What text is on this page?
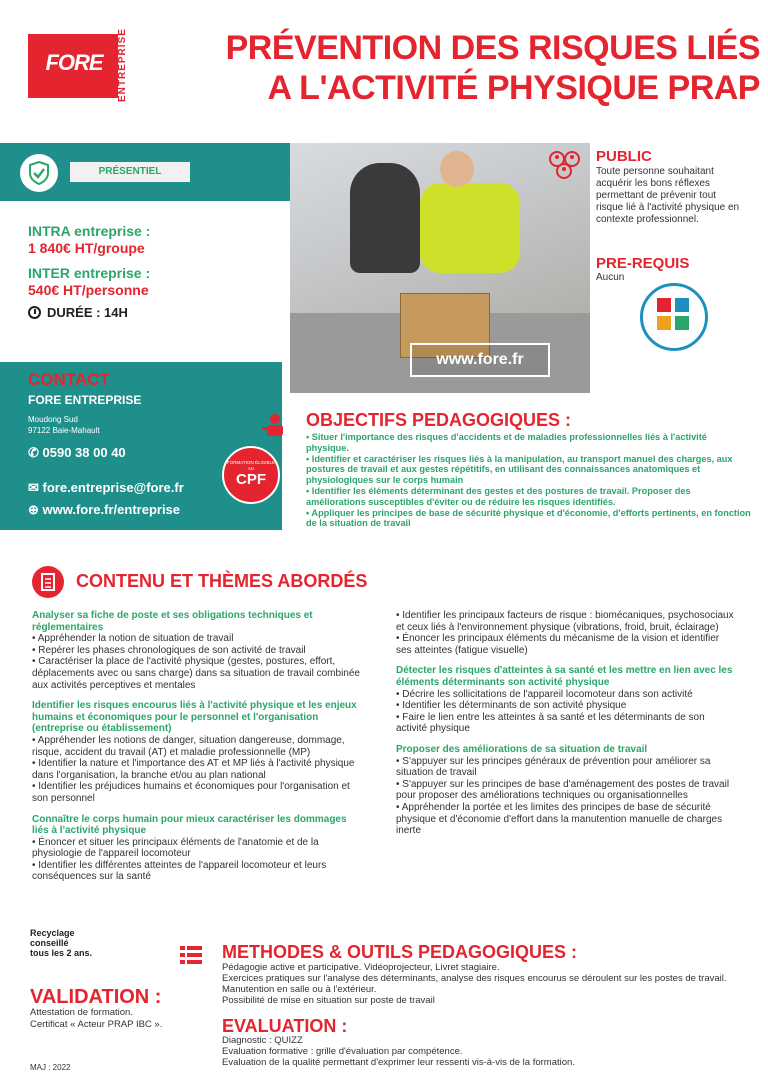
FORE	ENTREPRISE	PRÉVENTION DES RISQUES LIÉS
A L'ACTIVITÉ PHYSIQUE PRAP
PRÉSENTIEL
INTRA entreprise :
1 840€ HT/groupe
INTER entreprise :
540€ HT/personne
DURÉE : 14H
www.fore.fr
CONTACT
FORE ENTREPRISE
Moudong Sud
97122 Baie-Mahault
✆ 0590 38 00 40
✉ fore.entreprise@fore.fr
⊕ www.fore.fr/entreprise
FORMATION ÉLIGIBLE AU
CPF
PUBLIC
Toute personne souhaitant acquérir les bons réflexes permettant de prévenir tout risque lié à l'activité physique en contexte professionnel.
PRE-REQUIS
Aucun
OBJECTIFS PEDAGOGIQUES :
• Situer l'importance des risques d'accidents et de maladies professionnelles liés à l'activité physique.
• Identifier et caractériser les risques liés à la manipulation, au transport manuel des charges, aux postures de travail et aux gestes répétitifs, en utilisant des connaissances anatomiques et physiologiques sur le corps humain
• Identifier les éléments déterminant des gestes et des postures de travail. Proposer des améliorations susceptibles d'éviter ou de réduire les risques identifiés.
• Appliquer les principes de base de sécurité physique et d'économie, d'efforts pertinents, en fonction de la situation de travail
CONTENU ET THÈMES ABORDÉS
Analyser sa fiche de poste et ses obligations techniques et réglementaires
• Appréhender la notion de situation de travail
• Repérer les phases chronologiques de son activité de travail
• Caractériser la place de l'activité physique (gestes, postures, effort, déplacements avec ou sans charge) dans sa situation de travail combinée aux activités perceptives et mentales
Identifier les risques encourus liés à l'activité physique et les enjeux humains et économiques pour le personnel et l'organisation (entreprise ou établissement)
• Appréhender les notions de danger, situation dangereuse, dommage, risque, accident du travail (AT) et maladie professionnelle (MP)
• Identifier la nature et l'importance des AT et MP liés à l'activité physique dans l'organisation, la branche et/ou au plan national
• Identifier les préjudices humains et économiques pour l'organisation et son personnel
Connaître le corps humain pour mieux caractériser les dommages liés à l'activité physique
• Énoncer et situer les principaux éléments de l'anatomie et de la physiologie de l'appareil locomoteur
• Identifier les différentes atteintes de l'appareil locomoteur et leurs conséquences sur la santé
• Identifier les principaux facteurs de risque : biomécaniques, psychosociaux et ceux liés à l'environnement physique (vibrations, froid, bruit, éclairage)
• Énoncer les principaux éléments du mécanisme de la vision et identifier ses atteintes (fatigue visuelle)
Détecter les risques d'atteintes à sa santé et les mettre en lien avec les éléments déterminants son activité physique
• Décrire les sollicitations de l'appareil locomoteur dans son activité
• Identifier les déterminants de son activité physique
• Faire le lien entre les atteintes à sa santé et les déterminants de son activité physique
Proposer des améliorations de sa situation de travail
• S'appuyer sur les principes généraux de prévention pour améliorer sa situation de travail
• S'appuyer sur les principes de base d'aménagement des postes de travail pour proposer des améliorations techniques ou organisationnelles
• Appréhender la portée et les limites des principes de base de sécurité physique et d'économie d'effort dans la manutention manuelle de charges inerte
Recyclage
conseillé
tous les 2 ans.
VALIDATION :
Attestation de formation. Certificat « Acteur PRAP IBC ».
MAJ : 2022
METHODES & OUTILS PEDAGOGIQUES :
Pédagogie active et participative. Vidéoprojecteur, Livret stagiaire.
Exercices pratiques sur l'analyse des déterminants, analyse des risques encourus se déroulent sur les postes de travail. Manutention en salle ou à l'extérieur.
Possibilité de mise en situation sur poste de travail
EVALUATION :
Diagnostic : QUIZZ
Evaluation formative : grille d'évaluation par compétence.
Evaluation de la qualité permettant d'exprimer leur ressenti vis-à-vis de la formation.
